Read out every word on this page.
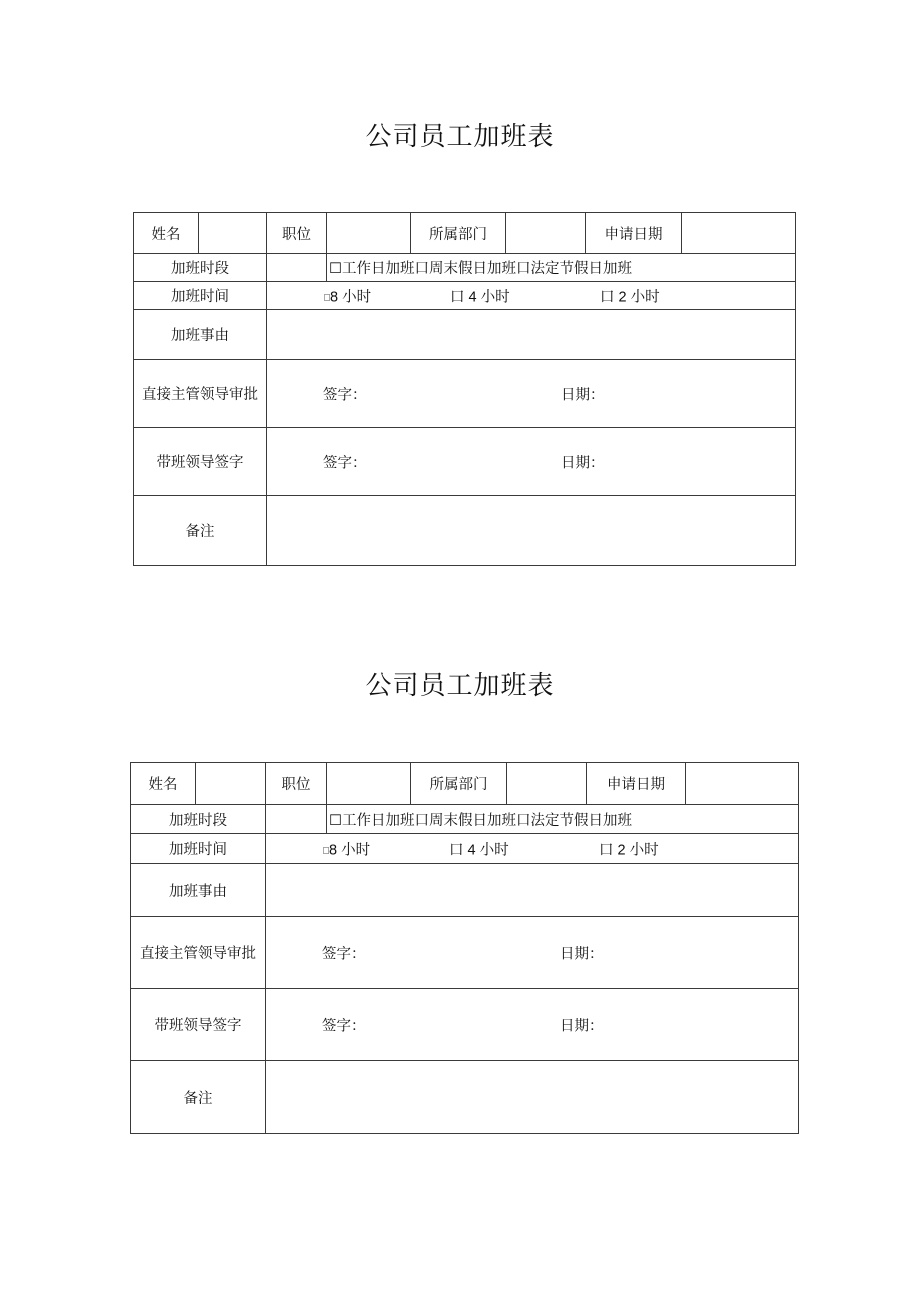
公司员工加班表
姓名		职位		所属部门		申请日期	
加班时段			☐工作日加班口周末假日加班口法定节假日加班				
加班时间		□8 小时 口 4 小时 口 2 小时					

加班事由							
直接主管领导审批		签字： 日期：					

带班领导签字		签字： 日期：					

备注							
公司员工加班表
姓名		职位		所属部门		申请日期	
加班时段			☐工作日加班口周末假日加班口法定节假日加班				
加班时间		□8 小时 口 4 小时 口 2 小时					

加班事由							
直接主管领导审批		签字： 日期：					

带班领导签字		签字： 日期：					

备注							
